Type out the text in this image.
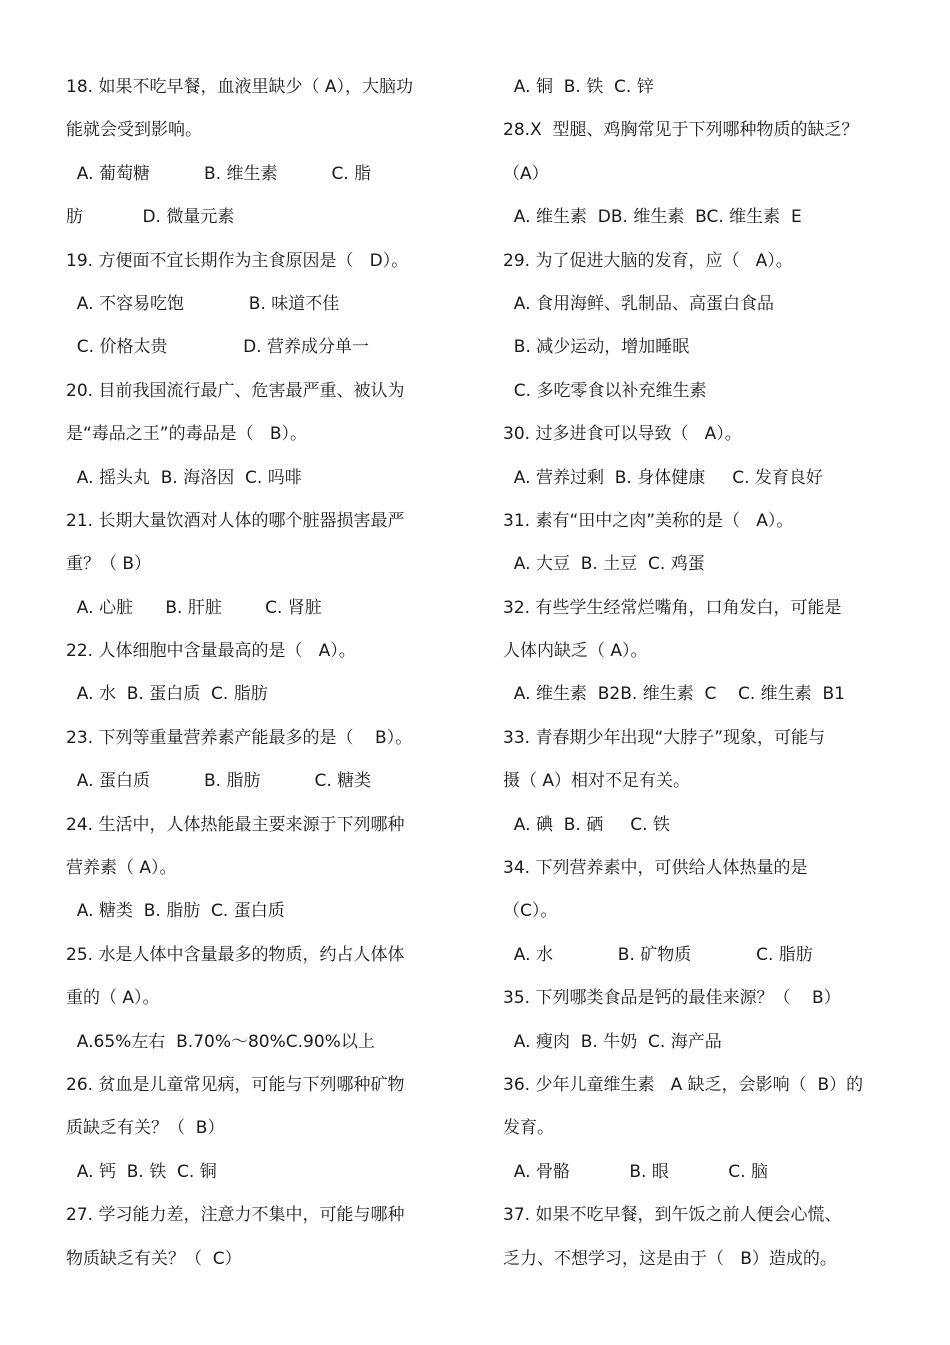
18. 如果不吃早餐，血液里缺少（ A），大脑功
能就会受到影响。
A. 葡萄糖          B. 维生素          C. 脂
肪           D. 微量元素
19. 方便面不宜长期作为主食原因是（   D）。
A. 不容易吃饱            B. 味道不佳
C. 价格太贵              D. 营养成分单一
20. 目前我国流行最广、危害最严重、被认为
是“毒品之王”的毒品是（   B）。
A. 摇头丸  B. 海洛因  C. 吗啡
21. 长期大量饮酒对人体的哪个脏器损害最严
重？（ B）
A. 心脏      B. 肝脏        C. 肾脏
22. 人体细胞中含量最高的是（   A）。
A. 水  B. 蛋白质  C. 脂肪
23. 下列等重量营养素产能最多的是（    B）。
A. 蛋白质          B. 脂肪          C. 糖类
24. 生活中，人体热能最主要来源于下列哪种
营养素（ A）。
A. 糖类  B. 脂肪  C. 蛋白质
25. 水是人体中含量最多的物质，约占人体体
重的（ A）。
A.65%左右  B.70%～80%C.90%以上
26. 贫血是儿童常见病，可能与下列哪种矿物
质缺乏有关？（  B）
A. 钙  B. 铁  C. 铜
27. 学习能力差，注意力不集中，可能与哪种
物质缺乏有关？（  C）
A. 铜  B. 铁  C. 锌
28.X  型腿、鸡胸常见于下列哪种物质的缺乏？
（A）
A. 维生素  DB. 维生素  BC. 维生素  E
29. 为了促进大脑的发育，应（   A）。
A. 食用海鲜、乳制品、高蛋白食品
B. 减少运动，增加睡眠
C. 多吃零食以补充维生素
30. 过多进食可以导致（   A）。
A. 营养过剩  B. 身体健康     C. 发育良好
31. 素有“田中之肉”美称的是（   A）。
A. 大豆  B. 土豆  C. 鸡蛋
32. 有些学生经常烂嘴角，口角发白，可能是
人体内缺乏（ A）。
A. 维生素  B2B. 维生素  C    C. 维生素  B1
33. 青春期少年出现“大脖子”现象，可能与
摄（ A）相对不足有关。
A. 碘  B. 硒     C. 铁
34. 下列营养素中，可供给人体热量的是
（C）。
A. 水            B. 矿物质            C. 脂肪
35. 下列哪类食品是钙的最佳来源？（    B）
A. 瘦肉  B. 牛奶  C. 海产品
36. 少年儿童维生素   A 缺乏，会影响（  B）的
发育。
A. 骨骼           B. 眼           C. 脑
37. 如果不吃早餐，到午饭之前人便会心慌、
乏力、不想学习，这是由于（   B）造成的。
